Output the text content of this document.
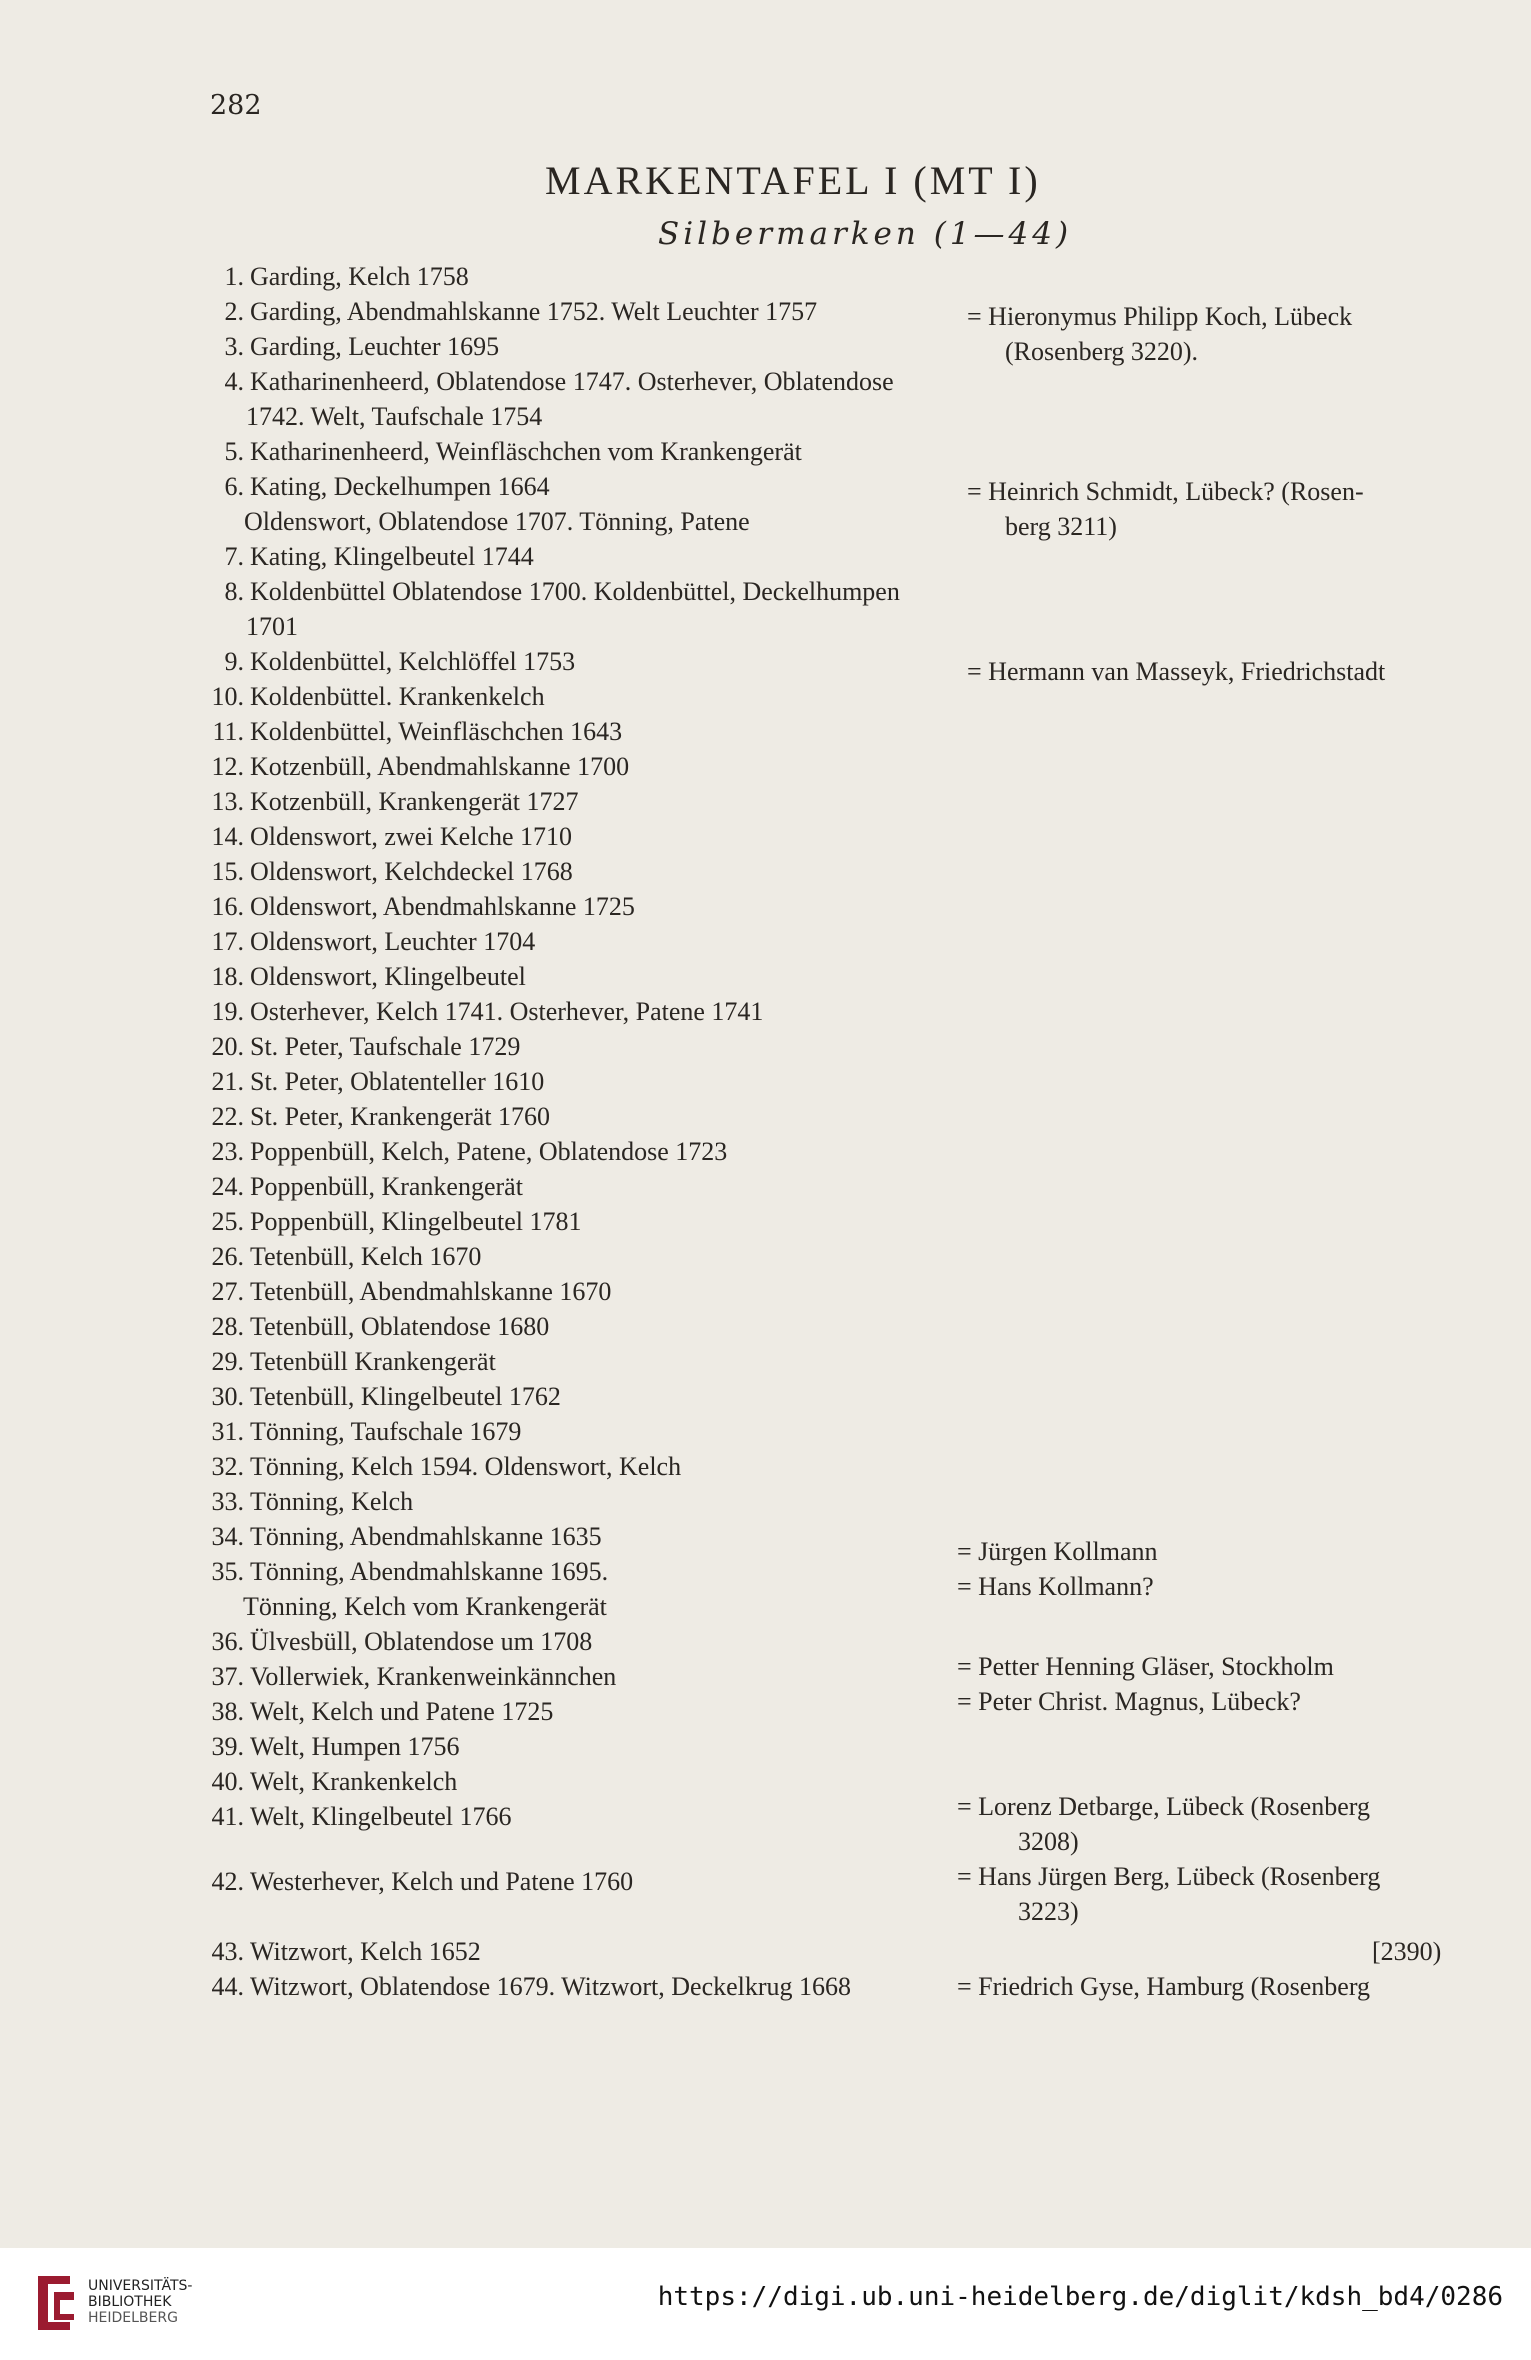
282
MARKENTAFEL I (MT I)
Silbermarken (1—44)
1. Garding, Kelch 1758
2. Garding, Abendmahlskanne 1752. Welt Leuchter 1757
3. Garding, Leuchter 1695
4. Katharinenheerd, Oblatendose 1747. Osterhever, Oblatendose
1742. Welt, Taufschale 1754
5. Katharinenheerd, Weinfläschchen vom Krankengerät
6. Kating, Deckelhumpen 1664
Oldenswort, Oblatendose 1707. Tönning, Patene
7. Kating, Klingelbeutel 1744
8. Koldenbüttel Oblatendose 1700. Koldenbüttel, Deckelhumpen
1701
9. Koldenbüttel, Kelchlöffel 1753
10. Koldenbüttel. Krankenkelch
11. Koldenbüttel, Weinfläschchen 1643
12. Kotzenbüll, Abendmahlskanne 1700
13. Kotzenbüll, Krankengerät 1727
14. Oldenswort, zwei Kelche 1710
15. Oldenswort, Kelchdeckel 1768
16. Oldenswort, Abendmahlskanne 1725
17. Oldenswort, Leuchter 1704
18. Oldenswort, Klingelbeutel
19. Osterhever, Kelch 1741. Osterhever, Patene 1741
20. St. Peter, Taufschale 1729
21. St. Peter, Oblatenteller 1610
22. St. Peter, Krankengerät 1760
23. Poppenbüll, Kelch, Patene, Oblatendose 1723
24. Poppenbüll, Krankengerät
25. Poppenbüll, Klingelbeutel 1781
26. Tetenbüll, Kelch 1670
27. Tetenbüll, Abendmahlskanne 1670
28. Tetenbüll, Oblatendose 1680
29. Tetenbüll Krankengerät
30. Tetenbüll, Klingelbeutel 1762
31. Tönning, Taufschale 1679
32. Tönning, Kelch 1594. Oldenswort, Kelch
33. Tönning, Kelch
34. Tönning, Abendmahlskanne 1635
35. Tönning, Abendmahlskanne 1695.
Tönning, Kelch vom Krankengerät
36. Ülvesbüll, Oblatendose um 1708
37. Vollerwiek, Krankenweinkännchen
38. Welt, Kelch und Patene 1725
39. Welt, Humpen 1756
40. Welt, Krankenkelch
41. Welt, Klingelbeutel 1766
42. Westerhever, Kelch und Patene 1760
43. Witzwort, Kelch 1652
44. Witzwort, Oblatendose 1679. Witzwort, Deckelkrug 1668
= Hieronymus Philipp Koch, Lübeck
(Rosenberg 3220).
= Heinrich Schmidt, Lübeck? (Rosen-
berg 3211)
= Hermann van Masseyk, Friedrichstadt
= Jürgen Kollmann
= Hans Kollmann?
= Petter Henning Gläser, Stockholm
= Peter Christ. Magnus, Lübeck?
= Lorenz Detbarge, Lübeck (Rosenberg
3208)
= Hans Jürgen Berg, Lübeck (Rosenberg
3223)
[2390)
= Friedrich Gyse, Hamburg (Rosenberg
UNIVERSITÄTS-
BIBLIOTHEK
HEIDELBERG
https://digi.ub.uni-heidelberg.de/diglit/kdsh_bd4/0286
